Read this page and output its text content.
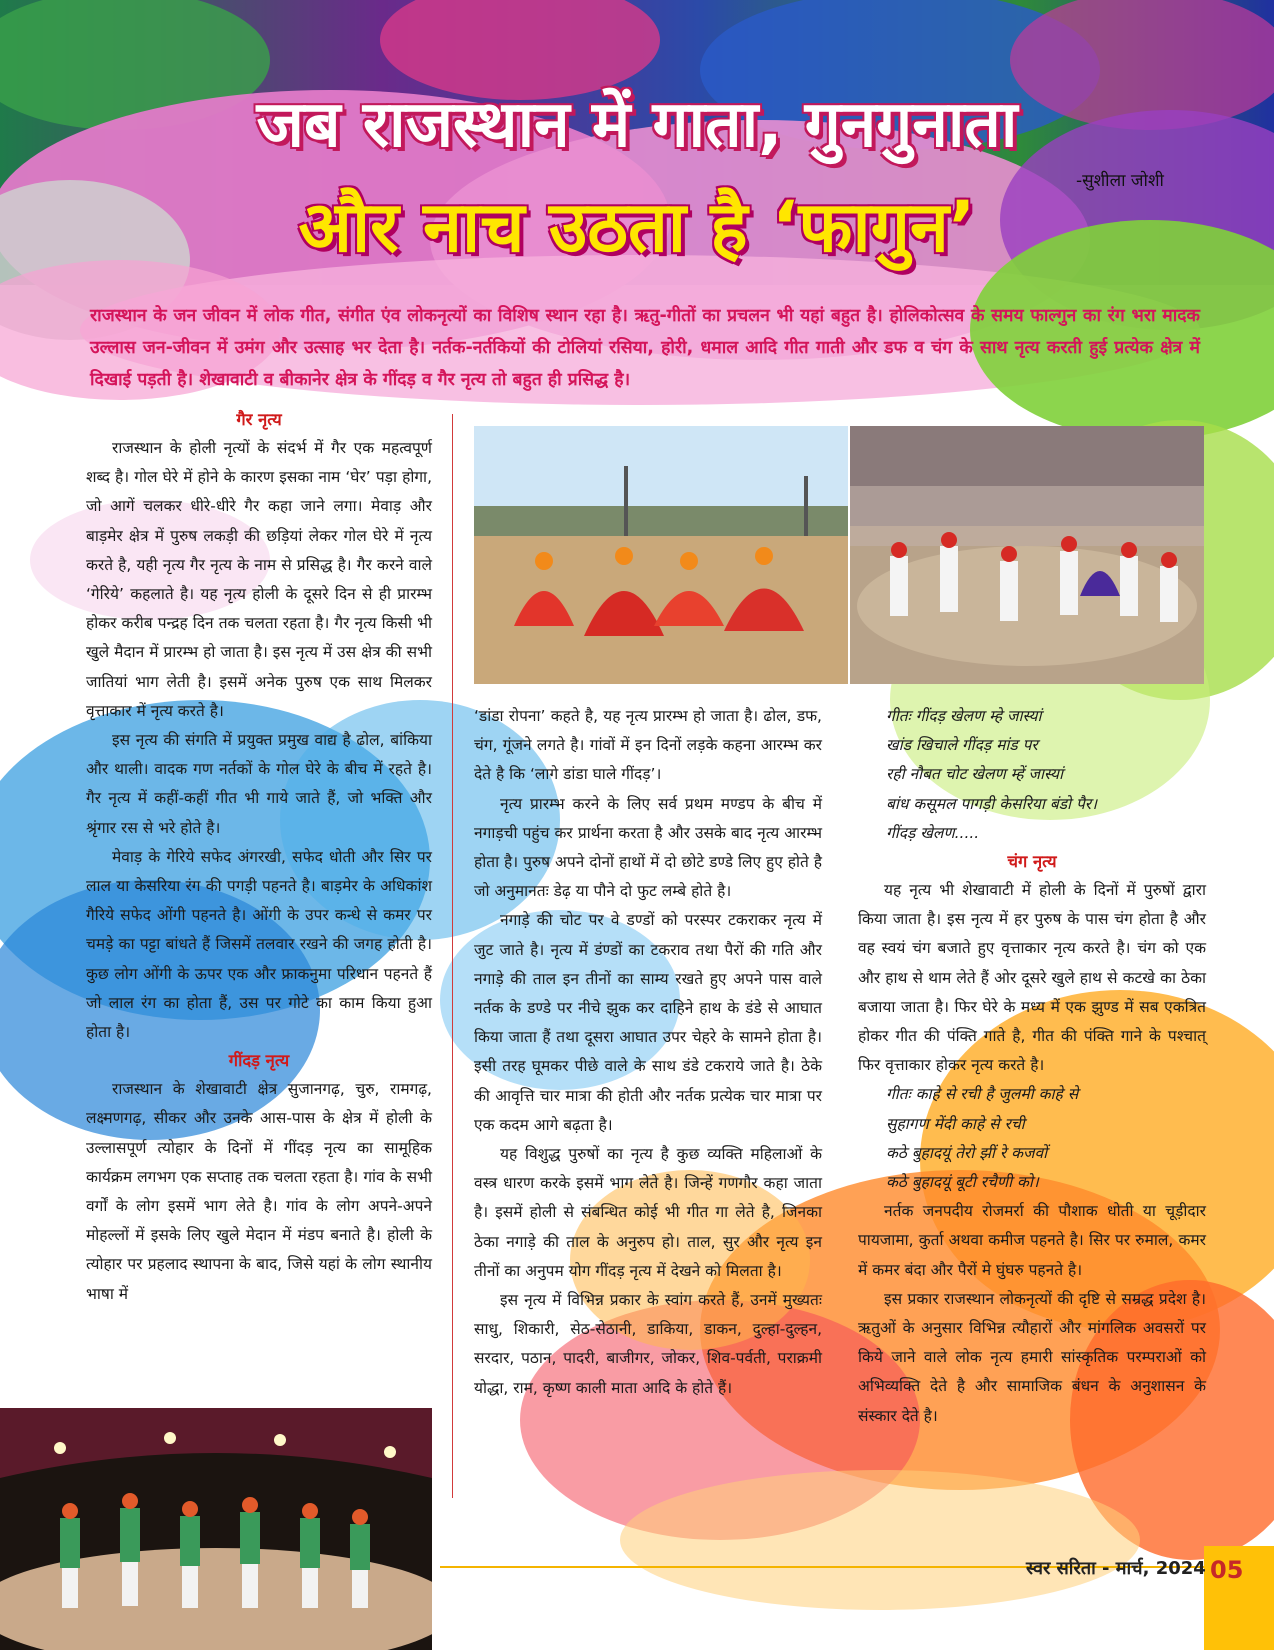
जब राजस्थान में गाता, गुनगुनाता
और नाच उठता है ‘फागुन’
-सुशीला जोशी
राजस्थान के जन जीवन में लोक गीत, संगीत एंव लोकनृत्यों का विशिष स्थान रहा है। ऋतु-गीतों का प्रचलन भी यहां बहुत है। होलिकोत्सव के समय फाल्गुन का रंग भरा मादक उल्लास जन-जीवन में उमंग और उत्साह भर देता है। नर्तक-नर्तकियों की टोलियां रसिया, होरी, धमाल आदि गीत गाती और डफ व चंग के साथ नृत्य करती हुई प्रत्येक क्षेत्र में दिखाई पड़ती है। शेखावाटी व बीकानेर क्षेत्र के गींदड़ व गैर नृत्य तो बहुत ही प्रसिद्ध है।
गैर नृत्य

राजस्थान के होली नृत्यों के संदर्भ में गैर एक महत्वपूर्ण शब्द है। गोल घेरे में होने के कारण इसका नाम ‘घेर’ पड़ा होगा, जो आगें चलकर धीरे-धीरे गैर कहा जाने लगा। मेवाड़ और बाड़मेर क्षेत्र में पुरुष लकड़ी की छड़ियां लेकर गोल घेरे में नृत्य करते है, यही नृत्य गैर नृत्य के नाम से प्रसिद्ध है। गैर करने वाले ‘गेरिये’ कहलाते है। यह नृत्य होली के दूसरे दिन से ही प्रारम्भ होकर करीब पन्द्रह दिन तक चलता रहता है। गैर नृत्य किसी भी खुले मैदान में प्रारम्भ हो जाता है। इस नृत्य में उस क्षेत्र की सभी जातियां भाग लेती है। इसमें अनेक पुरुष एक साथ मिलकर वृत्ताकार में नृत्य करते है।

इस नृत्य की संगति में प्रयुक्त प्रमुख वाद्य है ढोल, बांकिया और थाली। वादक गण नर्तकों के गोल घेरे के बीच में रहते है। गैर नृत्य में कहीं-कहीं गीत भी गाये जाते हैं, जो भक्ति और श्रृंगार रस से भरे होते है।

मेवाड़ के गेरिये सफेद अंगरखी, सफेद धोती और सिर पर लाल या केसरिया रंग की पगड़ी पहनते है। बाड़मेर के अधिकांश गैरिये सफेद ओंगी पहनते है। ओंगी के उपर कन्धे से कमर पर चमड़े का पट्टा बांधते हैं जिसमें तलवार रखने की जगह होती है। कुछ लोग ओंगी के ऊपर एक और फ्राकनुमा परिधान पहनते हैं जो लाल रंग का होता हैं, उस पर गोटे का काम किया हुआ होता है।

गींदड़ नृत्य

राजस्थान के शेखावाटी क्षेत्र सुजानगढ़, चुरु, रामगढ़, लक्ष्मणगढ़, सीकर और उनके आस-पास के क्षेत्र में होली के उल्लासपूर्ण त्योहार के दिनों में गींदड़ नृत्य का सामूहिक कार्यक्रम लगभग एक सप्ताह तक चलता रहता है। गांव के सभी वर्गों के लोग इसमें भाग लेते है। गांव के लोग अपने-अपने मोहल्लों में इसके लिए खुले मेदान में मंडप बनाते है। होली के त्योहार पर प्रहलाद स्थापना के बाद, जिसे यहां के लोग स्थानीय भाषा में

‘डांडा रोपना’ कहते है, यह नृत्य प्रारम्भ हो जाता है। ढोल, डफ, चंग, गूंजने लगते है। गांवों में इन दिनों लड़के कहना आरम्भ कर देते है कि ‘लागे डांडा घाले गींदड़’।

नृत्य प्रारम्भ करने के लिए सर्व प्रथम मण्डप के बीच में नगाड़ची पहुंच कर प्रार्थना करता है और उसके बाद नृत्य आरम्भ होता है। पुरुष अपने दोनों हाथों में दो छोटे डण्डे लिए हुए होते है जो अनुमानतः डेढ़ या पौने दो फुट लम्बे होते है।

नगाड़े की चोट पर वे डण्डों को परस्पर टकराकर नृत्य में जुट जाते है। नृत्य में डंण्डों का टकराव तथा पैरों की गति और नगाड़े की ताल इन तीनों का साम्य रखते हुए अपने पास वाले नर्तक के डण्डे पर नीचे झुक कर दाहिने हाथ के डंडे से आघात किया जाता हैं तथा दूसरा आघात उपर चेहरे के सामने होता है। इसी तरह घूमकर पीछे वाले के साथ डंडे टकराये जाते है। ठेके की आवृत्ति चार मात्रा की होती और नर्तक प्रत्येक चार मात्रा पर एक कदम आगे बढ़ता है।

यह विशुद्ध पुरुषों का नृत्य है कुछ व्यक्ति महिलाओं के वस्त्र धारण करके इसमें भाग लेते है। जिन्हें गणगौर कहा जाता है। इसमें होली से संबन्धित कोई भी गीत गा लेते है, जिनका ठेका नगाड़े की ताल के अनुरुप हो। ताल, सुर और नृत्य इन तीनों का अनुपम योग गींदड़ नृत्य में देखने को मिलता है।

इस नृत्य में विभिन्न प्रकार के स्वांग करते हैं, उनमें मुख्यतः साधु, शिकारी, सेठ-सेठानी, डाकिया, डाकन, दुल्हा-दुल्हन, सरदार, पठान, पादरी, बाजीगर, जोकर, शिव-पर्वती, पराक्रमी योद्धा, राम, कृष्ण काली माता आदि के होते हैं।

गीतः गींदड़ खेलण म्हे जास्यां
खांड खिचाले गींदड़ मांड पर
रही नौबत चोट खेलण म्हें जास्यां
बांध कसूमल पागड़ी केसरिया बंडो पैर।
गींदड़ खेलण.....
चंग नृत्य

यह नृत्य भी शेखावाटी में होली के दिनों में पुरुषों द्वारा किया जाता है। इस नृत्य में हर पुरुष के पास चंग होता है और वह स्वयं चंग बजाते हुए वृत्ताकार नृत्य करते है। चंग को एक और हाथ से थाम लेते हैं ओर दूसरे खुले हाथ से कटखे का ठेका बजाया जाता है। फिर घेरे के मध्य में एक झुण्ड में सब एकत्रित होकर गीत की पंक्ति गाते है, गीत की पंक्ति गाने के पश्चात् फिर वृत्ताकार होकर नृत्य करते है।

गीतः काहे से रची है जुलमी काहे से
सुहागण मेंदी काहे से रची
कठे बुहादयूं तेरो झीं रे कजवों
कठे बुहादयूं बूटी रचैणी को।

नर्तक जनपदीय रोजमर्रा की पौशाक धोती या चूड़ीदार पायजामा, कुर्ता अथवा कमीज पहनते है। सिर पर रुमाल, कमर में कमर बंदा और पैरों मे घुंघरु पहनते है।

इस प्रकार राजस्थान लोकनृत्यों की दृष्टि से सम्रद्ध प्रदेश है। ऋतुओं के अनुसार विभिन्न त्यौहारों और मांगलिक अवसरों पर किये जाने वाले लोक नृत्य हमारी सांस्कृतिक परम्पराओं को अभिव्यक्ति देते है और सामाजिक बंधन के अनुशासन के संस्कार देते है।

स्वर सरिता - मार्च, 2024 05
